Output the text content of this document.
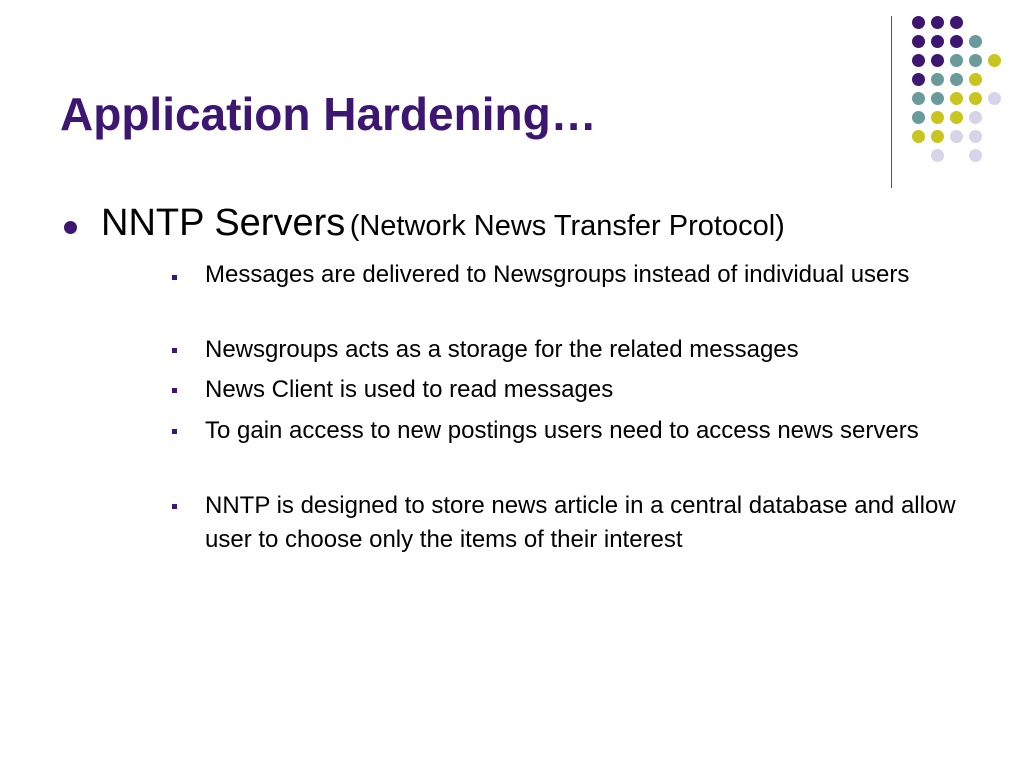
Application Hardening…
NNTP Servers (Network News Transfer Protocol)
Messages are delivered to Newsgroups instead of individual users
Newsgroups acts as a storage for the related messages
News Client is used to read messages
To gain access to new postings users need to access news servers
NNTP is designed to store news article in a central database and allow user to choose only the items of their interest
